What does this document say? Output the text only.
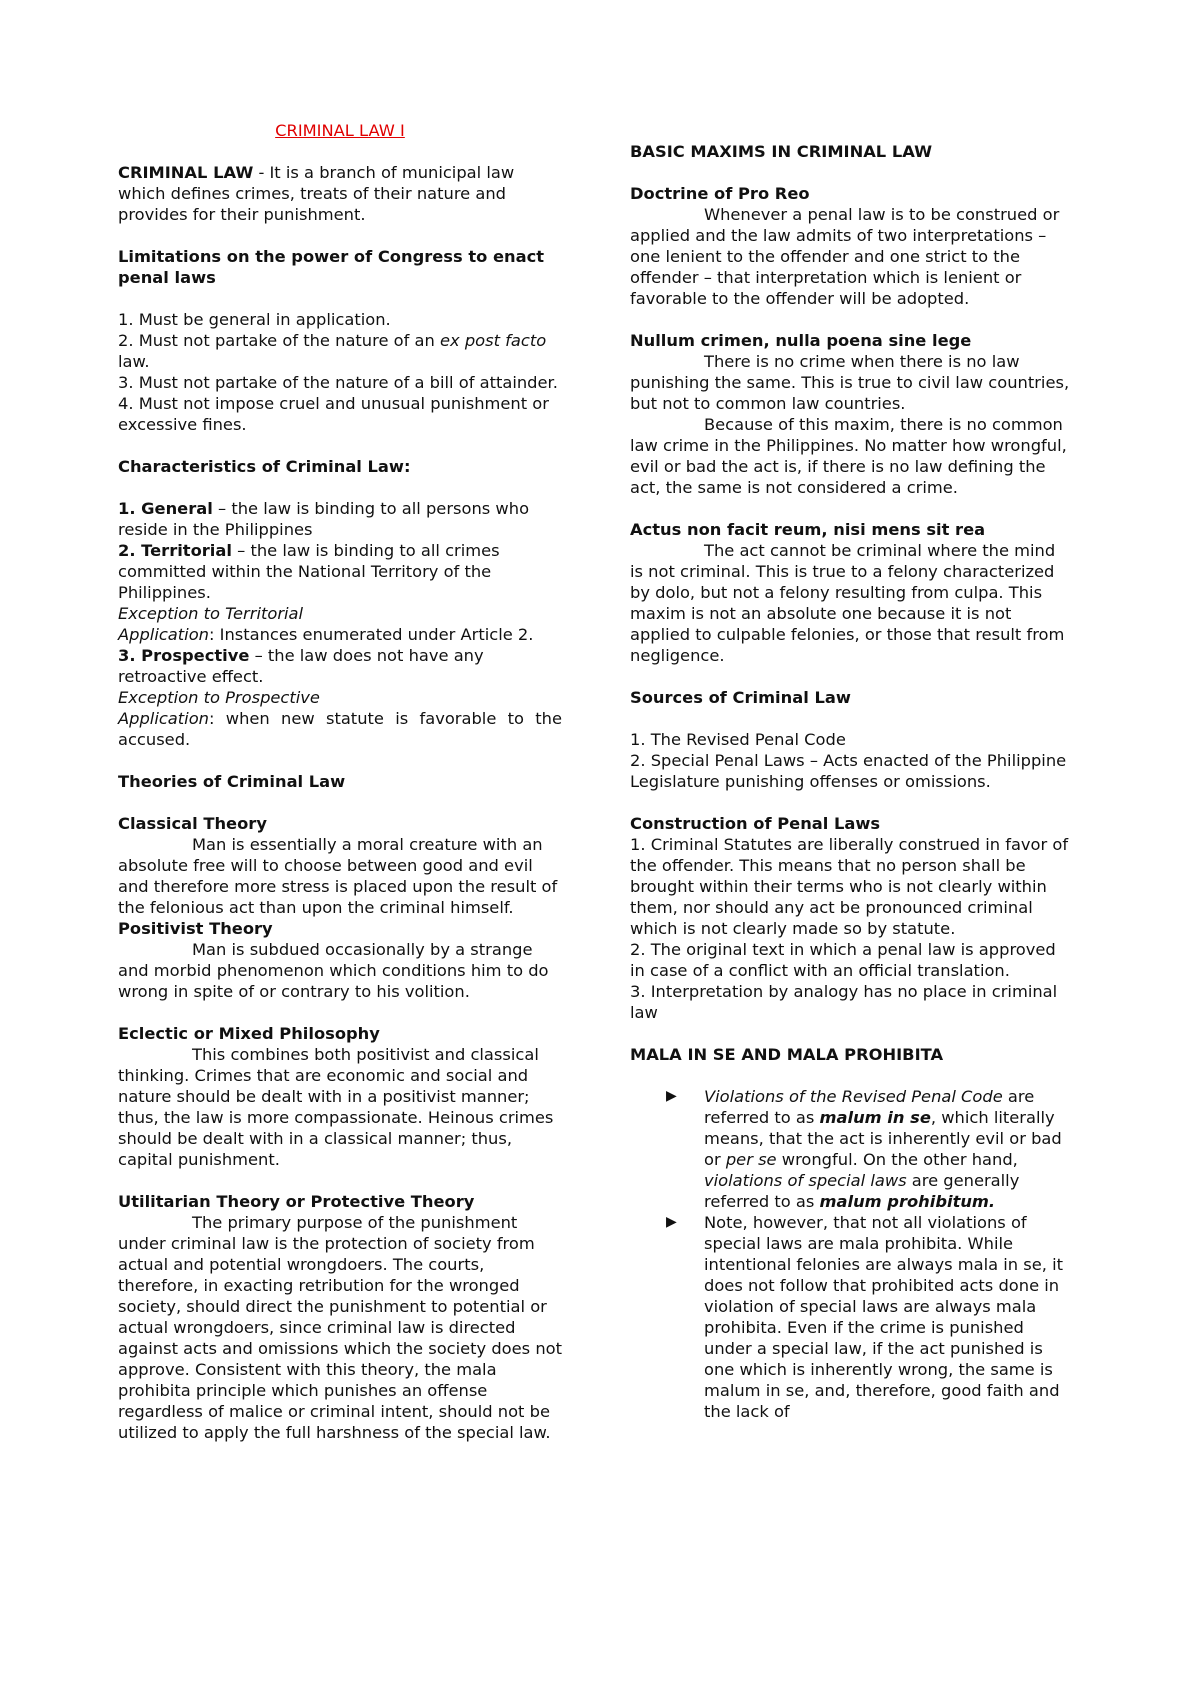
CRIMINAL LAW I

CRIMINAL LAW - It is a branch of municipal law which defines crimes, treats of their nature and provides for their punishment.

Limitations on the power of Congress to enact penal laws

1. Must be general in application.

2. Must not partake of the nature of an ex post facto law.

3. Must not partake of the nature of a bill of attainder.

4. Must not impose cruel and unusual punishment or excessive fines.

Characteristics of Criminal Law:

1. General – the law is binding to all persons who reside in the Philippines

2. Territorial – the law is binding to all crimes committed within the National Territory of the Philippines.

Exception to Territorial
Application: Instances enumerated under Article 2.

3. Prospective – the law does not have any retroactive effect.

Exception to Prospective
Application: when new statute is favorable to the accused.

Theories of Criminal Law

Classical Theory

Man is essentially a moral creature with an absolute free will to choose between good and evil and therefore more stress is placed upon the result of the felonious act than upon the criminal himself.

Positivist Theory

Man is subdued occasionally by a strange and morbid phenomenon which conditions him to do wrong in spite of or contrary to his volition.

Eclectic or Mixed Philosophy

This combines both positivist and classical thinking. Crimes that are economic and social and nature should be dealt with in a positivist manner; thus, the law is more compassionate. Heinous crimes should be dealt with in a classical manner; thus, capital punishment.

Utilitarian Theory or Protective Theory

The primary purpose of the punishment under criminal law is the protection of society from actual and potential wrongdoers. The courts, therefore, in exacting retribution for the wronged society, should direct the punishment to potential or actual wrongdoers, since criminal law is directed against acts and omissions which the society does not approve. Consistent with this theory, the mala prohibita principle which punishes an offense regardless of malice or criminal intent, should not be utilized to apply the full harshness of the special law.

BASIC MAXIMS IN CRIMINAL LAW

Doctrine of Pro Reo

Whenever a penal law is to be construed or applied and the law admits of two interpretations – one lenient to the offender and one strict to the offender – that interpretation which is lenient or favorable to the offender will be adopted.

Nullum crimen, nulla poena sine lege

There is no crime when there is no law punishing the same. This is true to civil law countries, but not to common law countries.

Because of this maxim, there is no common law crime in the Philippines. No matter how wrongful, evil or bad the act is, if there is no law defining the act, the same is not considered a crime.

Actus non facit reum, nisi mens sit rea

The act cannot be criminal where the mind is not criminal. This is true to a felony characterized by dolo, but not a felony resulting from culpa. This maxim is not an absolute one because it is not applied to culpable felonies, or those that result from negligence.

Sources of Criminal Law

1. The Revised Penal Code

2. Special Penal Laws – Acts enacted of the Philippine Legislature punishing offenses or omissions.

Construction of Penal Laws

1. Criminal Statutes are liberally construed in favor of the offender. This means that no person shall be brought within their terms who is not clearly within them, nor should any act be pronounced criminal which is not clearly made so by statute.

2. The original text in which a penal law is approved in case of a conflict with an official translation.

3. Interpretation by analogy has no place in criminal law

MALA IN SE AND MALA PROHIBITA

▶ Violations of the Revised Penal Code are referred to as malum in se, which literally means, that the act is inherently evil or bad or per se wrongful. On the other hand, violations of special laws are generally referred to as malum prohibitum.
▶ Note, however, that not all violations of special laws are mala prohibita. While intentional felonies are always mala in se, it does not follow that prohibited acts done in violation of special laws are always mala prohibita. Even if the crime is punished under a special law, if the act punished is one which is inherently wrong, the same is malum in se, and, therefore, good faith and the lack of
